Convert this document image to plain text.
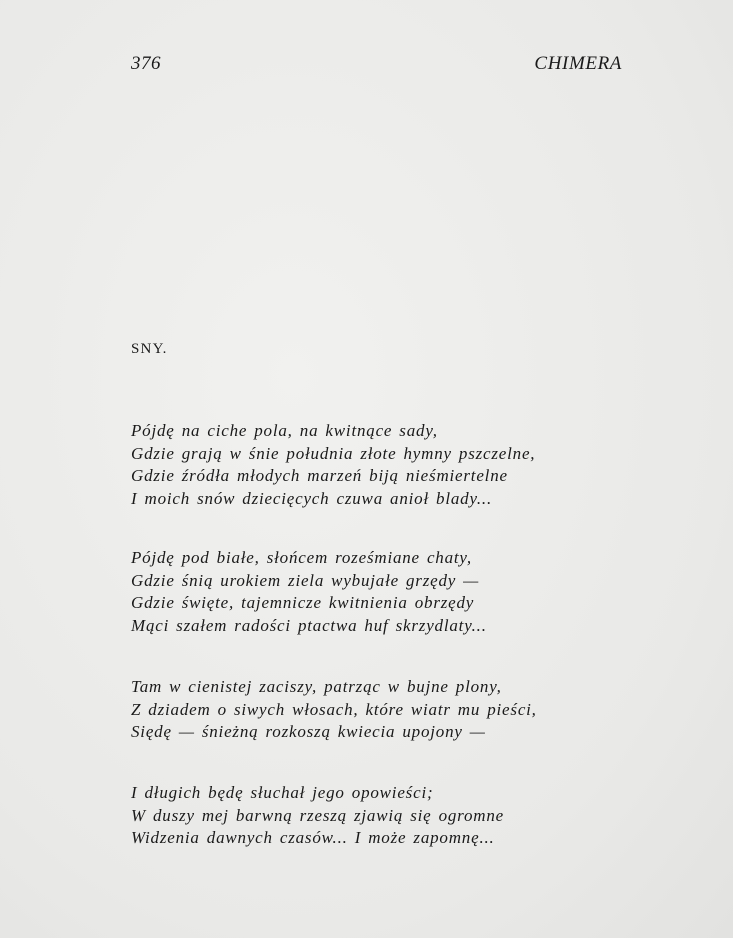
376	CHIMERA
SNY.
Pójdę na ciche pola, na kwitnące sady,
Gdzie grają w śnie południa złote hymny pszczelne,
Gdzie źródła młodych marzeń biją nieśmiertelne
I moich snów dziecięcych czuwa anioł blady...
Pójdę pod białe, słońcem roześmiane chaty,
Gdzie śnią urokiem ziela wybujałe grzędy —
Gdzie święte, tajemnicze kwitnienia obrzędy
Mąci szałem radości ptactwa huf skrzydlaty...
Tam w cienistej zaciszy, patrząc w bujne plony,
Z dziadem o siwych włosach, które wiatr mu pieści,
Siędę — śnieżną rozkoszą kwiecia upojony —
I długich będę słuchał jego opowieści;
W duszy mej barwną rzeszą zjawią się ogromne
Widzenia dawnych czasów... I może zapomnę...
